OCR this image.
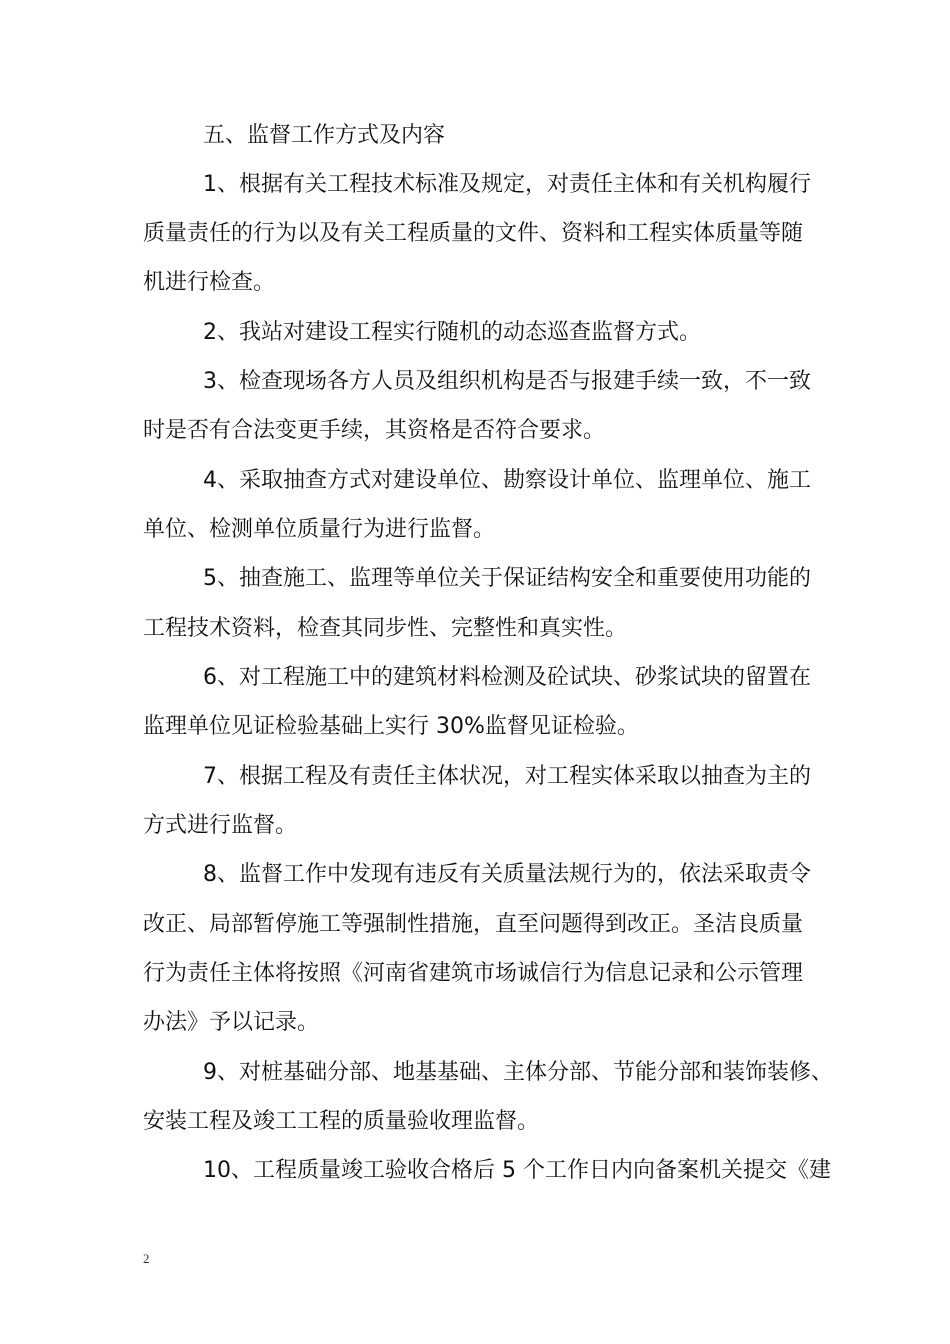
五、监督工作方式及内容
1、根据有关工程技术标准及规定，对责任主体和有关机构履行
质量责任的行为以及有关工程质量的文件、资料和工程实体质量等随
机进行检查。
2、我站对建设工程实行随机的动态巡查监督方式。
3、检查现场各方人员及组织机构是否与报建手续一致，不一致
时是否有合法变更手续，其资格是否符合要求。
4、采取抽查方式对建设单位、勘察设计单位、监理单位、施工
单位、检测单位质量行为进行监督。
5、抽查施工、监理等单位关于保证结构安全和重要使用功能的
工程技术资料，检查其同步性、完整性和真实性。
6、对工程施工中的建筑材料检测及砼试块、砂浆试块的留置在
监理单位见证检验基础上实行 30%监督见证检验。
7、根据工程及有责任主体状况，对工程实体采取以抽查为主的
方式进行监督。
8、监督工作中发现有违反有关质量法规行为的，依法采取责令
改正、局部暂停施工等强制性措施，直至问题得到改正。圣洁良质量
行为责任主体将按照《河南省建筑市场诚信行为信息记录和公示管理
办法》予以记录。
9、对桩基础分部、地基基础、主体分部、节能分部和装饰装修、
安装工程及竣工工程的质量验收理监督。
10、工程质量竣工验收合格后 5 个工作日内向备案机关提交《建
2
